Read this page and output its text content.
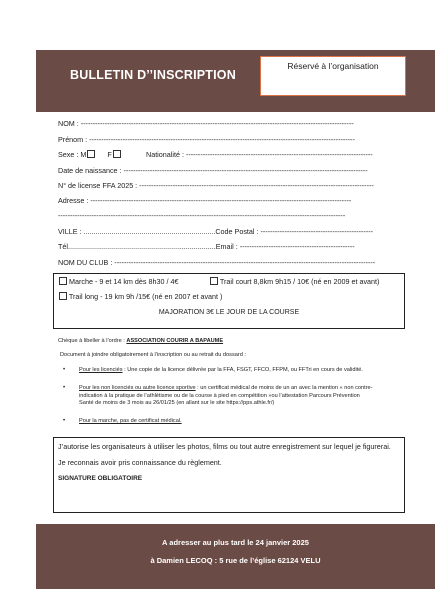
BULLETIN D’’INSCRIPTION
Réservé à l’organisation
NOM : ------------------------------------------------------------------------------------------------------------------
Prénom : ---------------------------------------------------------------------------------------------------------------
Sexe : M	F	Nationalité : ------------------------------------------------------------------------------
Date de naissance : ------------------------------------------------------------------------------------------------------
N° de license FFA 2025 : --------------------------------------------------------------------------------------------------
Adresse : -------------------------------------------------------------------------------------------------------------
------------------------------------------------------------------------------------------------------------------------
VILLE : ..................................................................Code Postal : -----------------------------------------------
Tél..........................................................................Email : ------------------------------------------------
NOM DU CLUB : -------------------------------------------------------------------------------------------------------------
Marche - 9 et 14 km dès 8h30 / 4€	Trail court 8,8km 9h15 / 10€ (né en 2009 et avant)
Trail long - 19 km 9h /15€ (né en 2007 et avant )
MAJORATION 3€ LE JOUR DE LA COURSE
Chèque à libeller à l’ordre : ASSOCIATION COURIR A BAPAUME
Document à joindre obligatoirement à l’inscription ou au retrait du dossard :
• Pour les licenciés : Une copie de la licence délivrée par la FFA, FSGT, FFCO, FFPM, ou FFTri en cours de validité.
• Pour les non licenciés ou autre licence sportive : un certificat médical de moins de un an avec la mention « non contre-
indication à la pratique de l’athlétisme ou de la course à pied en compétition »ou l’attestation Parcours Prévention
Santé de moins de 3 mois au 26/01/25 (en allant sur le site https://pps.athle.fr/)
• Pour la marche, pas de certificat médical.
J’autorise les organisateurs à utiliser les photos, films ou tout autre enregistrement sur lequel je figurerai.
Je reconnais avoir pris connaissance du règlement.
SIGNATURE OBLIGATOIRE
A adresser au plus tard le 24 janvier 2025
à Damien LECOQ : 5 rue de l’église 62124 VELU
